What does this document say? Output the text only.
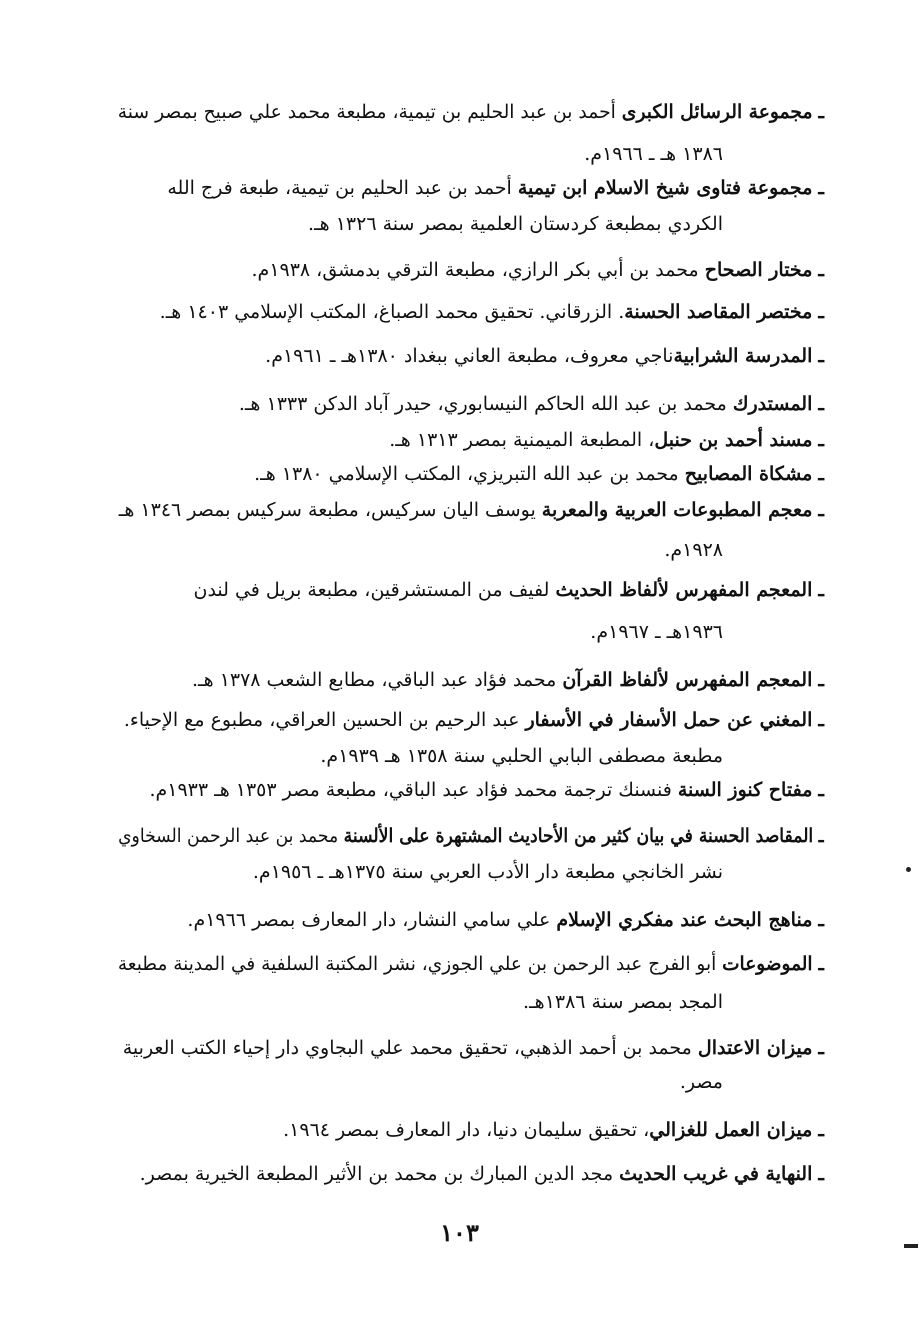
ـ مجموعة الرسائل الكبرى أحمد بن عبد الحليم بن تيمية، مطبعة محمد علي صبيح بمصر سنة
١٣٨٦ هـ ـ ١٩٦٦م.
ـ مجموعة فتاوى شيخ الاسلام ابن تيمية أحمد بن عبد الحليم بن تيمية، طبعة فرج الله
الكردي بمطبعة كردستان العلمية بمصر سنة ١٣٢٦ هـ.
ـ مختار الصحاح محمد بن أبي بكر الرازي، مطبعة الترقي بدمشق، ١٩٣٨م.
ـ مختصر المقاصد الحسنة. الزرقاني. تحقيق محمد الصباغ، المكتب الإسلامي ١٤٠٣ هـ.
ـ المدرسة الشرابيةناجي معروف، مطبعة العاني ببغداد ١٣٨٠هـ ـ ١٩٦١م.
ـ المستدرك محمد بن عبد الله الحاكم النيسابوري، حيدر آباد الدكن ١٣٣٣ هـ.
ـ مسند أحمد بن حنبل، المطبعة الميمنية بمصر ١٣١٣ هـ.
ـ مشكاة المصابيح محمد بن عبد الله التبريزي، المكتب الإسلامي ١٣٨٠ هـ.
ـ معجم المطبوعات العربية والمعربة يوسف اليان سركيس، مطبعة سركيس بمصر ١٣٤٦ هـ
١٩٢٨م.
ـ المعجم المفهرس لألفاظ الحديث لفيف من المستشرقين، مطبعة بريل في لندن
١٩٣٦هـ ـ ١٩٦٧م.
ـ المعجم المفهرس لألفاظ القرآن محمد فؤاد عبد الباقي، مطابع الشعب ١٣٧٨ هـ.
ـ المغني عن حمل الأسفار في الأسفار عبد الرحيم بن الحسين العراقي، مطبوع مع الإحياء.
مطبعة مصطفى البابي الحلبي سنة ١٣٥٨ هـ ١٩٣٩م.
ـ مفتاح كنوز السنة فنسنك ترجمة محمد فؤاد عبد الباقي، مطبعة مصر ١٣٥٣ هـ ١٩٣٣م.
ـ المقاصد الحسنة في بيان كثير من الأحاديث المشتهرة على الألسنة محمد بن عبد الرحمن السخاوي
نشر الخانجي مطبعة دار الأدب العربي سنة ١٣٧٥هـ ـ ١٩٥٦م.
ـ مناهج البحث عند مفكري الإسلام علي سامي النشار، دار المعارف بمصر ١٩٦٦م.
ـ الموضوعات أبو الفرج عبد الرحمن بن علي الجوزي، نشر المكتبة السلفية في المدينة مطبعة
المجد بمصر سنة ١٣٨٦هـ.
ـ ميزان الاعتدال محمد بن أحمد الذهبي، تحقيق محمد علي البجاوي دار إحياء الكتب العربية
مصر.
ـ ميزان العمل للغزالي، تحقيق سليمان دنيا، دار المعارف بمصر ١٩٦٤.
ـ النهاية في غريب الحديث مجد الدين المبارك بن محمد بن الأثير المطبعة الخيرية بمصر.
١٠٣
